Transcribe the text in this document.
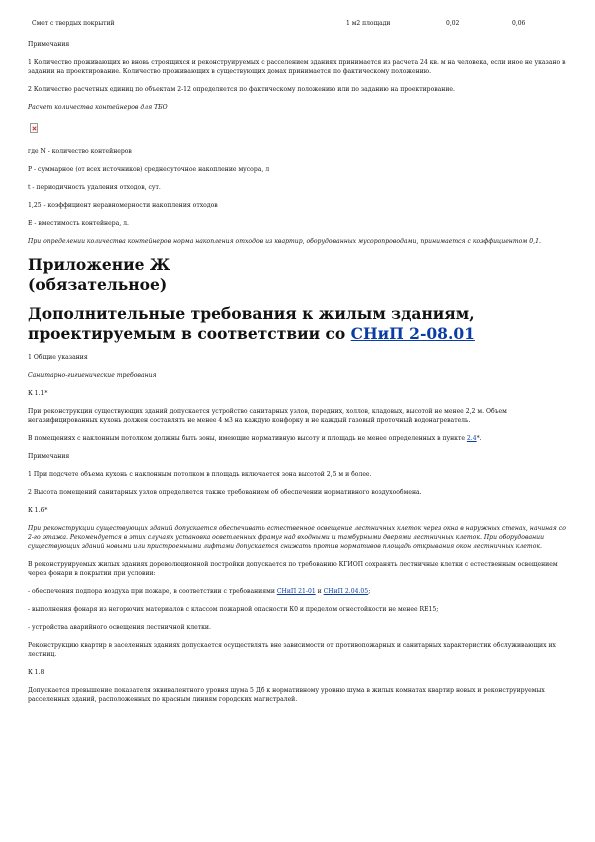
Смет с твердых покрытий	1 м2 площади	0,02	0,06

Примечания

1 Количество проживающих во вновь строящихся и реконструируемых с расселением зданиях принимается из расчета 24 кв. м на человека, если иное не указано в задании на проектирование. Количество проживающих в существующих домах принимается по фактическому положению.

2 Количество расчетных единиц по объектам 2-12 определяется по фактическому положению или по заданию на проектирование.

Расчет количества контейнеров для ТБО

где N - количество контейнеров

P - суммарное (от всех источников) среднесуточное накопление мусора, л

t - периодичность удаления отходов, сут.

1,25 - коэффициент неравномерности накопления отходов

E - вместимость контейнера, л.

При определении количества контейнеров норма накопления отходов из квартир, оборудованных мусоропроводами, принимается с коэффициентом 0,1.

Приложение Ж
(обязательное)
Дополнительные требования к жилым зданиям,
проектируемым в соответствии со СНиП 2-08.01

1 Общие указания

Санитарно-гигиенические требования

К 1.1*

При реконструкции существующих зданий допускается устройство санитарных узлов, передних, холлов, кладовых, высотой не менее 2,2 м. Объем негазифицированных кухонь должен составлять не менее 4 м3 на каждую конфорку и не каждый газовый проточный водонагреватель.

В помещениях с наклонным потолком должны быть зоны, имеющие нормативную высоту и площадь не менее определенных в пункте 2.4*.

Примечания

1 При подсчете объема кухонь с наклонным потолком в площадь включается зона высотой 2,5 м и более.

2 Высота помещений санитарных узлов определяется также требованием об обеспечении нормативного воздухообмена.

К 1.6*

При реконструкции существующих зданий допускается обеспечивать естественное освещение лестничных клеток через окна в наружных стенах, начиная со 2-го этажа. Рекомендуется в этих случаях установка осветленных фрамуг над входными и тамбурными дверями лестничных клеток. При оборудовании существующих зданий новыми или пристроенными лифтами допускается снижать против нормативов площадь открывания окон лестничных клеток.

В реконструируемых жилых зданиях дореволюционной постройки допускается по требованию КГИОП сохранять лестничные клетки с естественным освещением через фонари в покрытии при условии:

- обеспечения подпора воздуха при пожаре, в соответствии с требованиями СНиП 21-01 и СНиП 2.04.05;

- выполнения фонаря из негорючих материалов с классом пожарной опасности К0 и пределом огнестойкости не менее RE15;

- устройства аварийного освещения лестничной клетки.

Реконструкцию квартир в заселенных зданиях допускается осуществлять вне зависимости от противопожарных и санитарных характеристик обслуживающих их лестниц.

К 1.8

Допускается превышение показателя эквивалентного уровня шума 5 Дб к нормативному уровню шума в жилых комнатах квартир новых и реконструируемых расселенных зданий, расположенных по красным линиям городских магистралей.
